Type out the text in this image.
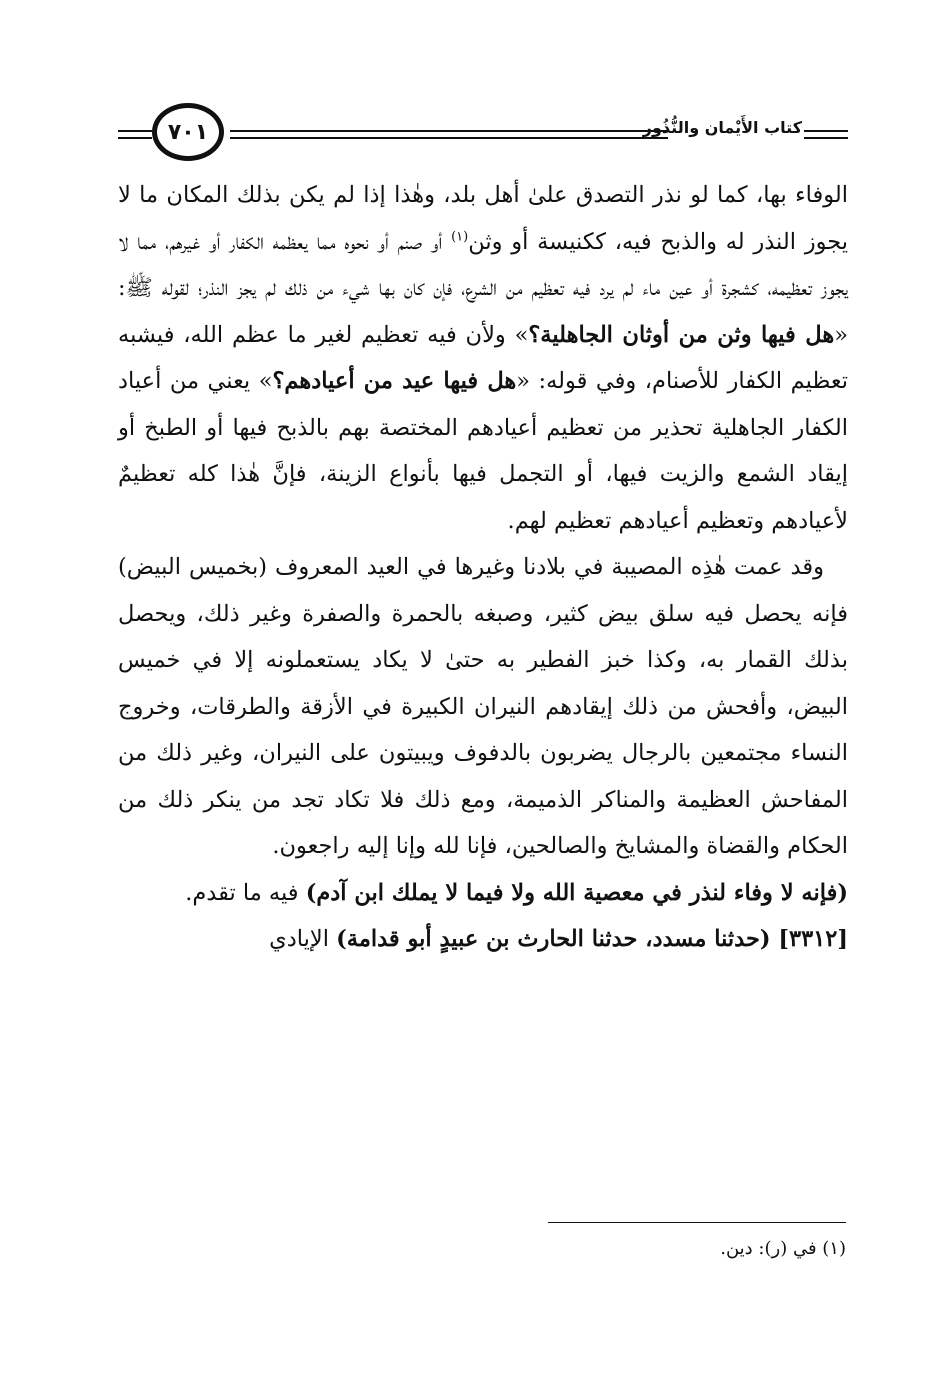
٧٠١	كتاب الأَيْمان والنُّذُور

الوفاء بها، كما لو نذر التصدق علىٰ أهل بلد، وهٰذا إذا لم يكن بذلك المكان ما لا يجوز النذر له والذبح فيه، ككنيسة أو وثن$^{(١)}$ أو صنم أو نحوه مما يعظمه الكفار أو غيرهم، مما لا يجوز تعظيمه، كشجرة أو عين ماء لم يرد فيه تعظيم من الشرع، فإن كان بها شيء من ذلك لم يجز النذر؛ لقوله ﷺ: «هل فيها وثن من أوثان الجاهلية؟» ولأن فيه تعظيم لغير ما عظم الله، فيشبه تعظيم الكفار للأصنام، وفي قوله: «هل فيها عيد من أعيادهم؟» يعني من أعياد الكفار الجاهلية تحذير من تعظيم أعيادهم المختصة بهم بالذبح فيها أو الطبخ أو إيقاد الشمع والزيت فيها، أو التجمل فيها بأنواع الزينة، فإنَّ هٰذا كله تعظيمٌ لأعيادهم وتعظيم أعيادهم تعظيم لهم.

وقد عمت هٰذِه المصيبة في بلادنا وغيرها في العيد المعروف (بخميس البيض) فإنه يحصل فيه سلق بيض كثير، وصبغه بالحمرة والصفرة وغير ذلك، ويحصل بذلك القمار به، وكذا خبز الفطير به حتىٰ لا يكاد يستعملونه إلا في خميس البيض، وأفحش من ذلك إيقادهم النيران الكبيرة في الأزقة والطرقات، وخروج النساء مجتمعين بالرجال يضربون بالدفوف ويبيتون على النيران، وغير ذلك من المفاحش العظيمة والمناكر الذميمة، ومع ذلك فلا تكاد تجد من ينكر ذلك من الحكام والقضاة والمشايخ والصالحين، فإنا لله وإنا إليه راجعون.

(فإنه لا وفاء لنذر في معصية الله ولا فيما لا يملك ابن آدم) فيه ما تقدم.

[٣٣١٢] (حدثنا مسدد، حدثنا الحارث بن عبيدٍ أبو قدامة) الإيادي

(١) في (ر): دين.
